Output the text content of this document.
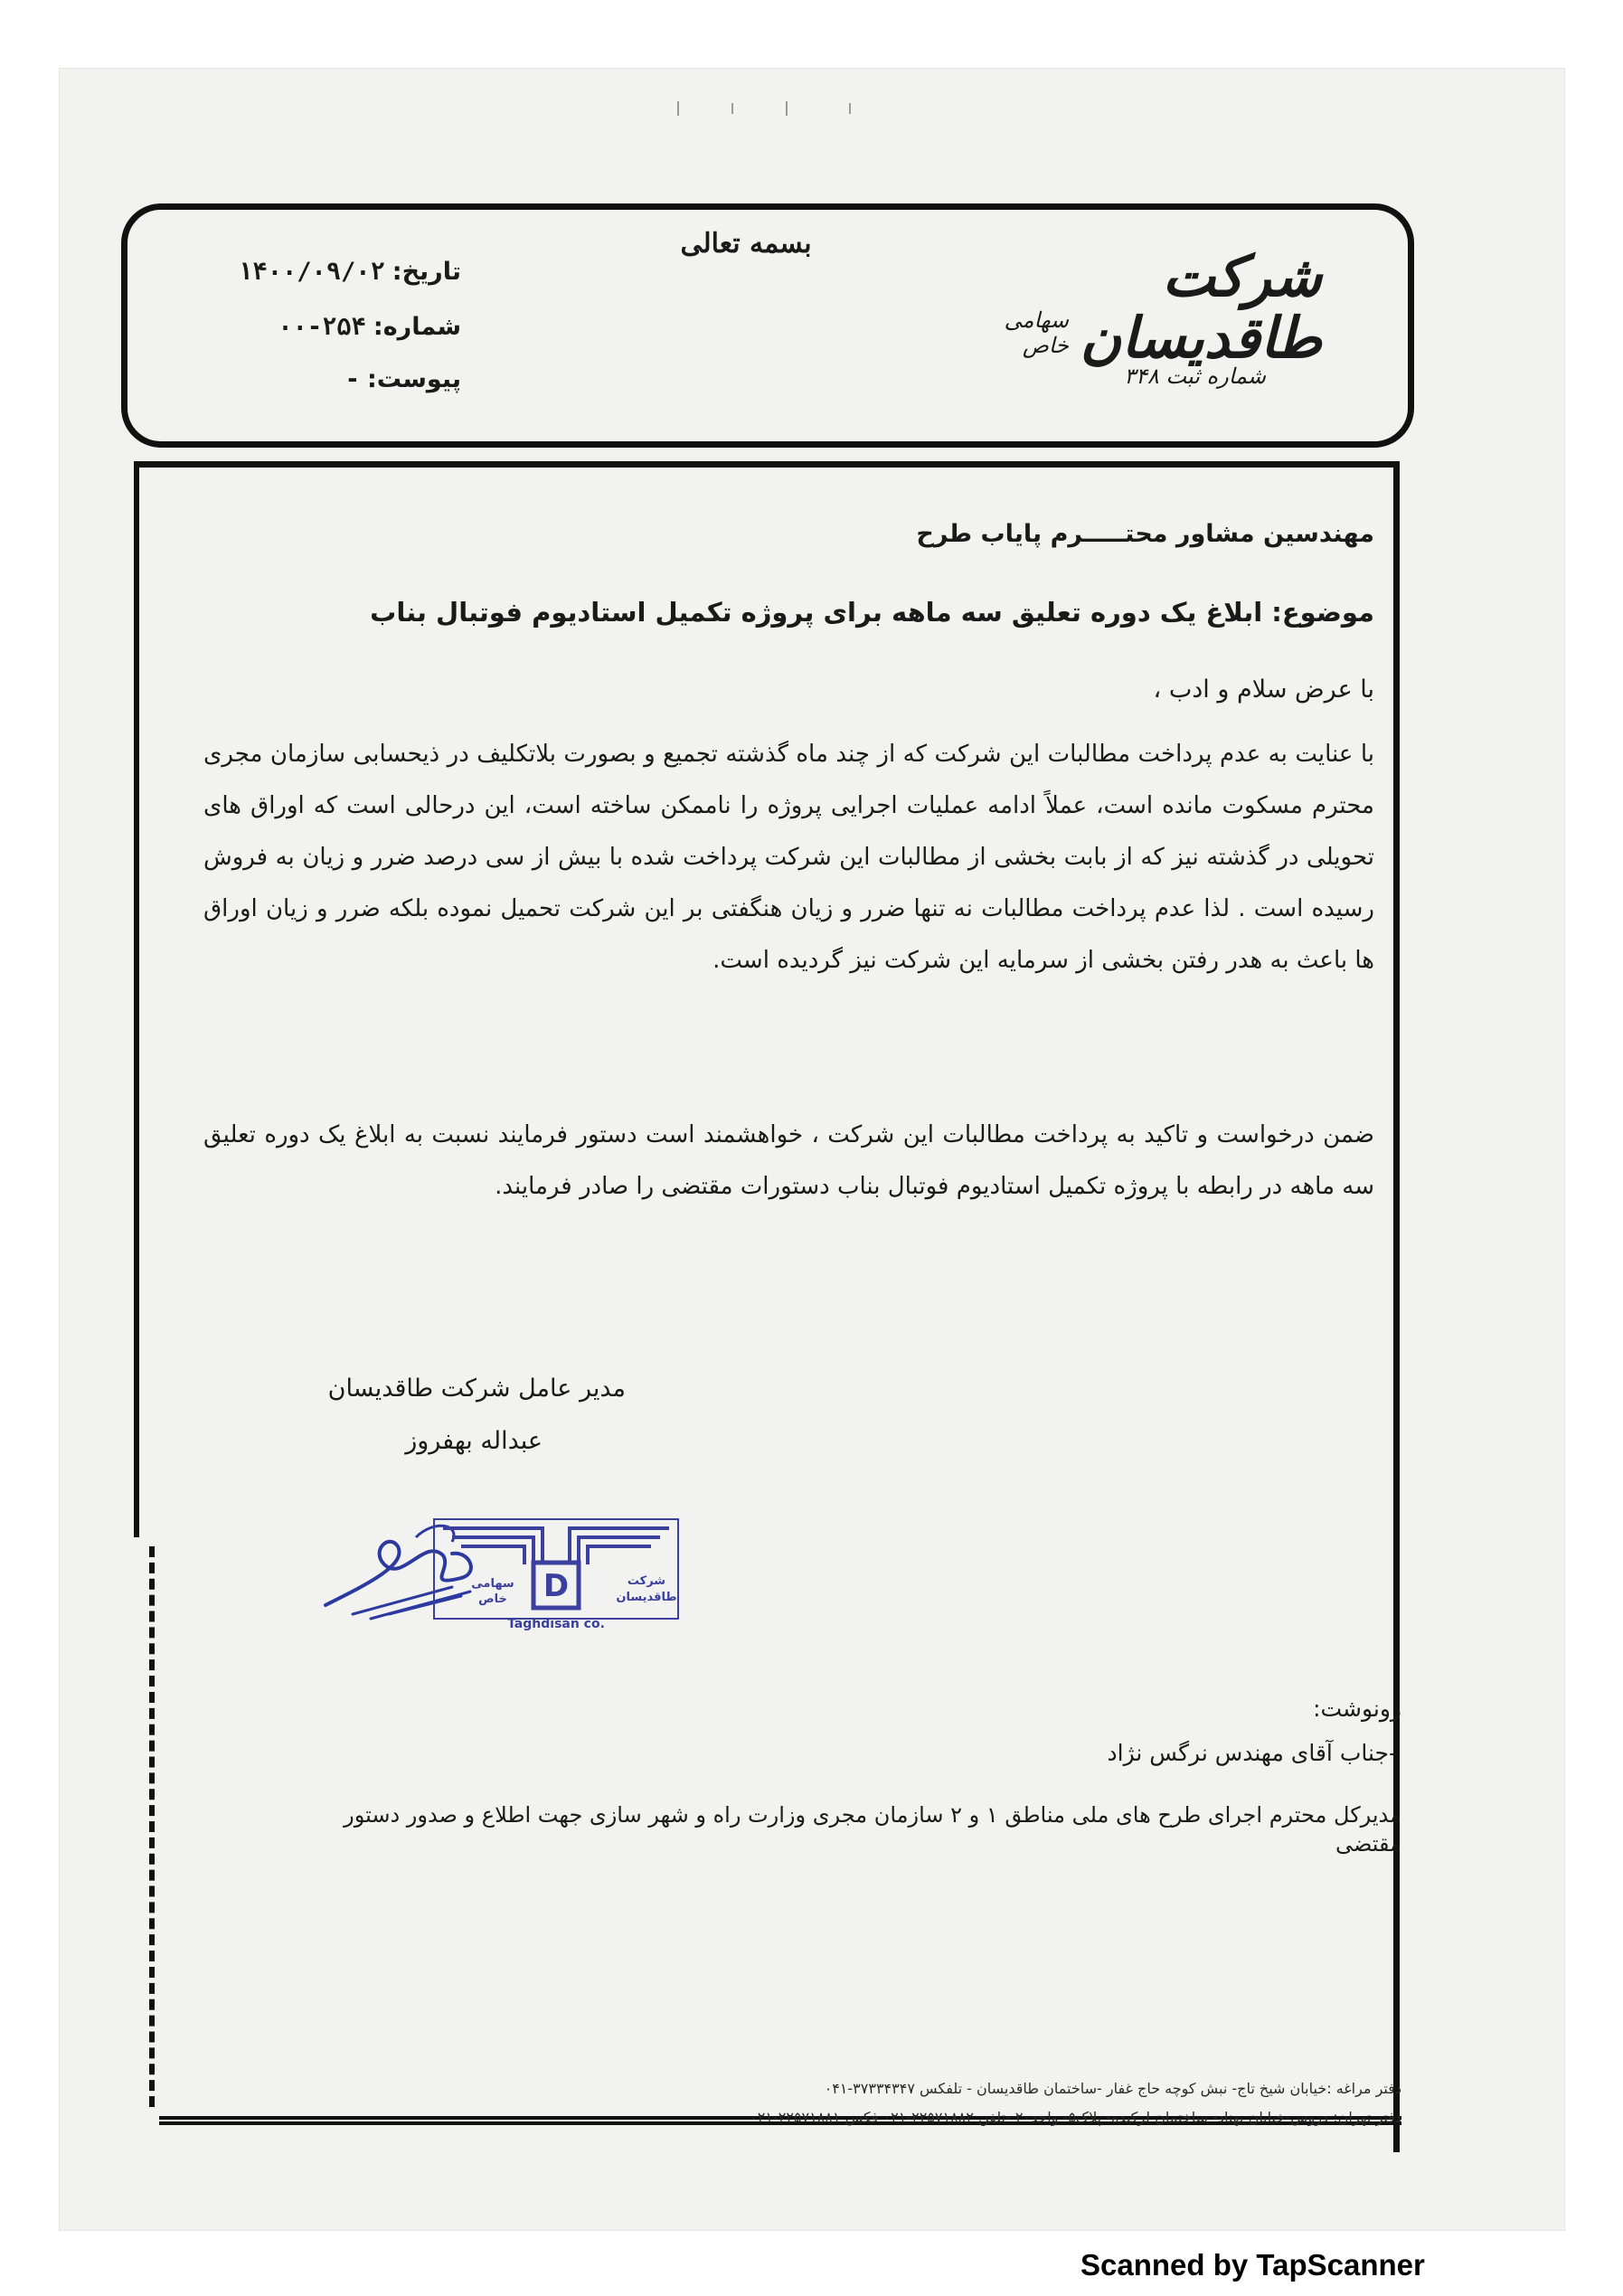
بسمه تعالی	شرکت طاقدیسان
سهامی خاص
شماره ثبت ۳۴۸
تاریخ:۱۴۰۰/۰۹/۰۲
شماره:۲۵۴-۰۰
پیوست:-
مهندسین مشاور محتـــــرم پایاب طرح
موضوع: ابلاغ یک دوره تعلیق سه ماهه برای پروژه تکمیل استادیوم فوتبال بناب
با عرض سلام و ادب ،

با عنایت به عدم پرداخت مطالبات این شرکت که از چند ماه گذشته تجمیع و بصورت بلاتکلیف در ذیحسابی سازمان مجری محترم مسکوت مانده است، عملاً ادامه عملیات اجرایی پروژه را ناممکن ساخته است، این درحالی است که اوراق های تحویلی در گذشته نیز که از بابت بخشی از مطالبات این شرکت پرداخت شده با بیش از سی درصد ضرر و زیان به فروش رسیده است . لذا عدم پرداخت مطالبات نه تنها ضرر و زیان هنگفتی بر این شرکت تحمیل نموده بلکه ضرر و زیان اوراق ها باعث به هدر رفتن بخشی از سرمایه این شرکت نیز گردیده است.

ضمن درخواست و تاکید به پرداخت مطالبات این شرکت ، خواهشمند است دستور فرمایند نسبت به ابلاغ یک دوره تعلیق سه ماهه در رابطه با پروژه تکمیل استادیوم فوتبال بناب دستورات مقتضی را صادر فرمایند.

مدیر عامل شرکت طاقدیسان
عبداله بهفروز
D	شرکت
طاقدیسان
سهامی
خاص
Taghdisan co.
رونوشت:
-جناب آقای مهندس نرگس نژاد
مدیرکل محترم اجرای طرح های ملی مناطق ۱ و ۲ سازمان مجری وزارت راه و شهر سازی جهت اطلاع و صدور دستور
مقتضی
دفتر مراغه :خیابان شیخ تاج- نبش کوچه حاج غفار -ساختمان طاقدیسان - تلفکس ۳۷۳۳۴۳۴۷-۰۴۱
دفتر تهران: دروس-خیابان بهناد- ساختمان لرکیده- پلاک۵- واحد۲۰ -تلفن ۲۲۵۷۱۸۸۲-۰۲۱ فکس ۲۲۵۷۱۸۸۱-۰۲۱
Scanned by TapScanner
